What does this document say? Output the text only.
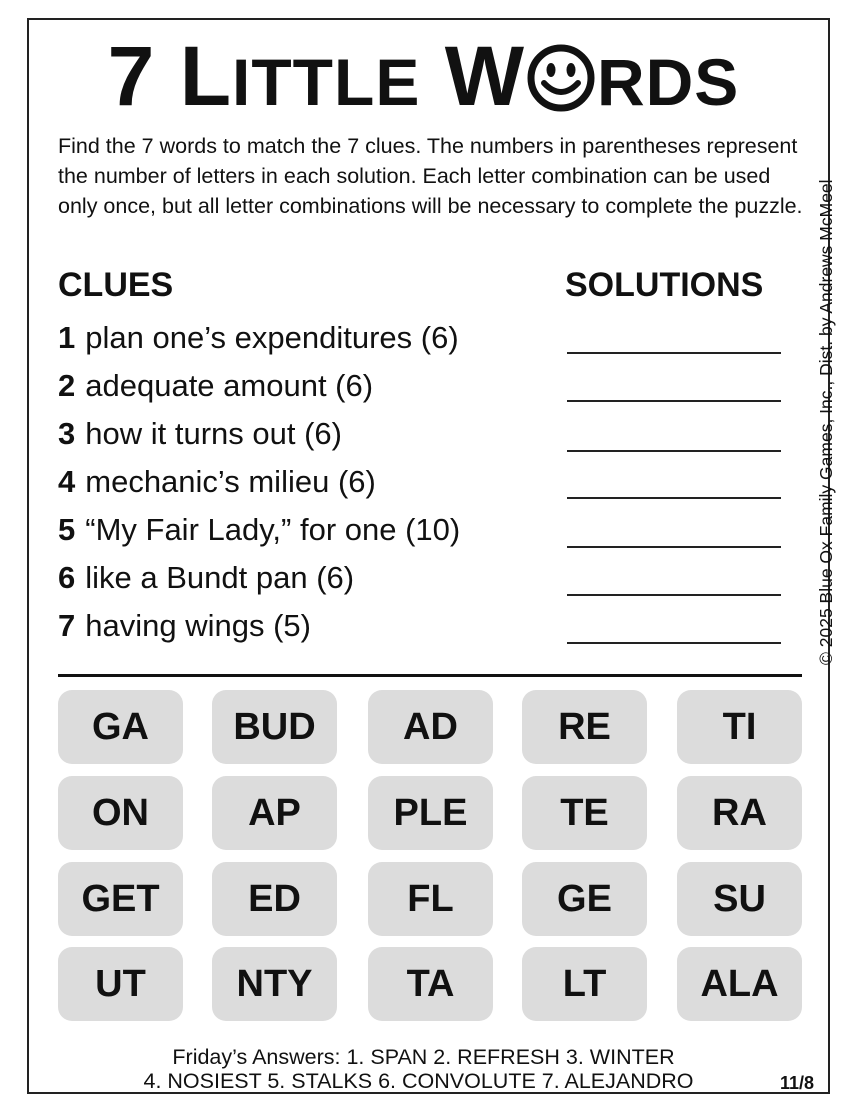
7 LITTLE W RDS
Find the 7 words to match the 7 clues. The numbers in parentheses represent the number of letters in each solution. Each letter combination can be used only once, but all letter combinations will be necessary to complete the puzzle. © 2025 Blue Ox Family Games, Inc., Dist. by Andrews McMeel
CLUES	SOLUTIONS
1 plan one’s expenditures (6)
2 adequate amount (6)
3 how it turns out (6)
4 mechanic’s milieu (6)
5 “My Fair Lady,” for one (10)
6 like a Bundt pan (6)
7 having wings (5)
GA	BUD	AD	RE	TI
ON	AP	PLE	TE	RA
GET	ED	FL	GE	SU
UT	NTY	TA	LT	ALA
Friday’s Answers: 1. SPAN 2. REFRESH 3. WINTER
4. NOSIEST 5. STALKS 6. CONVOLUTE 7. ALEJANDRO	11/8
